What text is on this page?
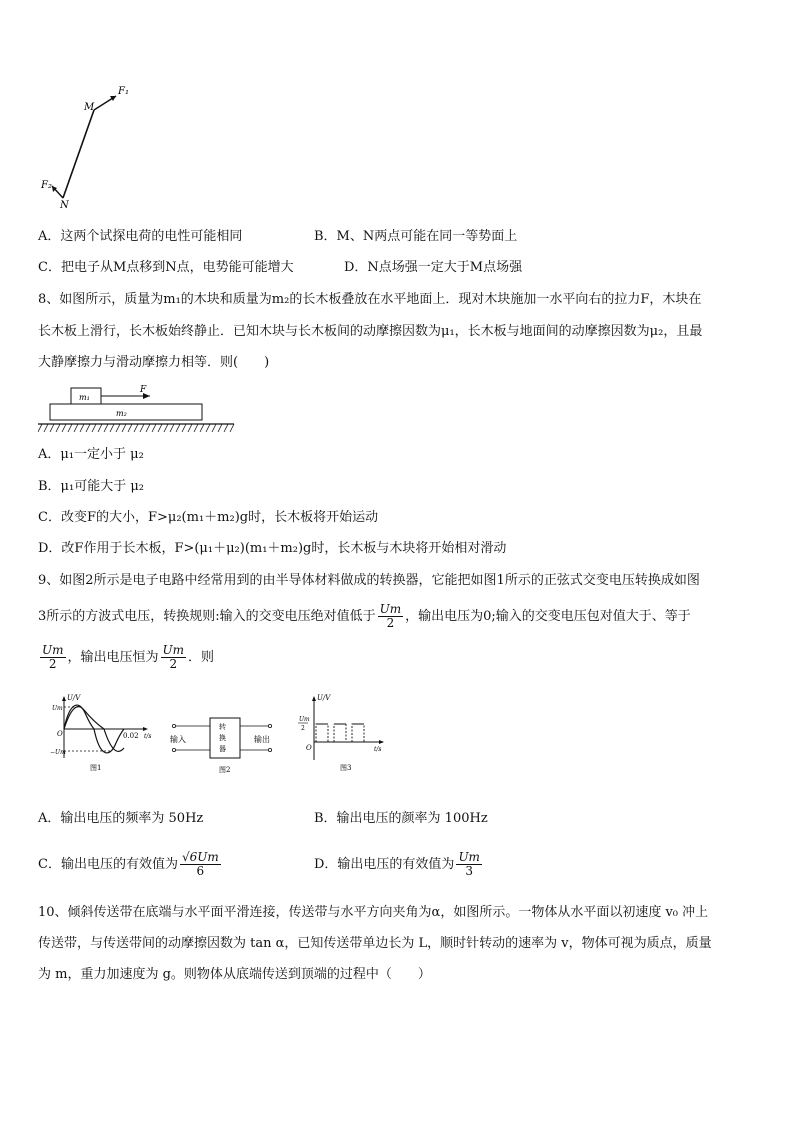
F₁
M
F₂
N
A．这两个试探电荷的电性可能相同	B．M、N两点可能在同一等势面上
C．把电子从M点移到N点，电势能可能增大	D．N点场强一定大于M点场强
8、如图所示，质量为m₁的木块和质量为m₂的长木板叠放在水平地面上．现对木块施加一水平向右的拉力F，木块在
长木板上滑行，长木板始终静止．已知木块与长木板间的动摩擦因数为μ₁，长木板与地面间的动摩擦因数为μ₂，且最
大静摩擦力与滑动摩擦力相等．则(　　)
m₁
F
m₂
A．μ₁一定小于 μ₂
B．μ₁可能大于 μ₂
C．改变F的大小，F>μ₂(m₁＋m₂)g时，长木板将开始运动
D．改F作用于长木板，F>(μ₁＋μ₂)(m₁＋m₂)g时，长木板与木块将开始相对滑动
9、如图2所示是电子电路中经常用到的由半导体材料做成的转换器，它能把如图1所示的正弦式交变电压转换成如图
3所示的方波式电压，转换规则:输入的交变电压绝对值低于 $\frac{Um}{2}$ ，输出电压为0;输入的交变电压包对值大于、等于
$\frac{Um}{2}$ ，输出电压恒为 $\frac{Um}{2}$ ．则
U/V
Um
O
−Um
0.02 t/s
图1
转
换
器
输入	输出
图2
U/V
Um
2
O	t/s
图3
A．输出电压的频率为 50Hz	B．输出电压的颜率为 100Hz
C．输出电压的有效值为 $\frac{√6Um}{6}$	D．输出电压的有效值为 $\frac{Um}{3}$
10、倾斜传送带在底端与水平面平滑连接，传送带与水平方向夹角为α，如图所示。一物体从水平面以初速度 v₀ 冲上
传送带，与传送带间的动摩擦因数为 tan α，已知传送带单边长为 L，顺时针转动的速率为 v，物体可视为质点，质量
为 m，重力加速度为 g。则物体从底端传送到顶端的过程中（　　）
